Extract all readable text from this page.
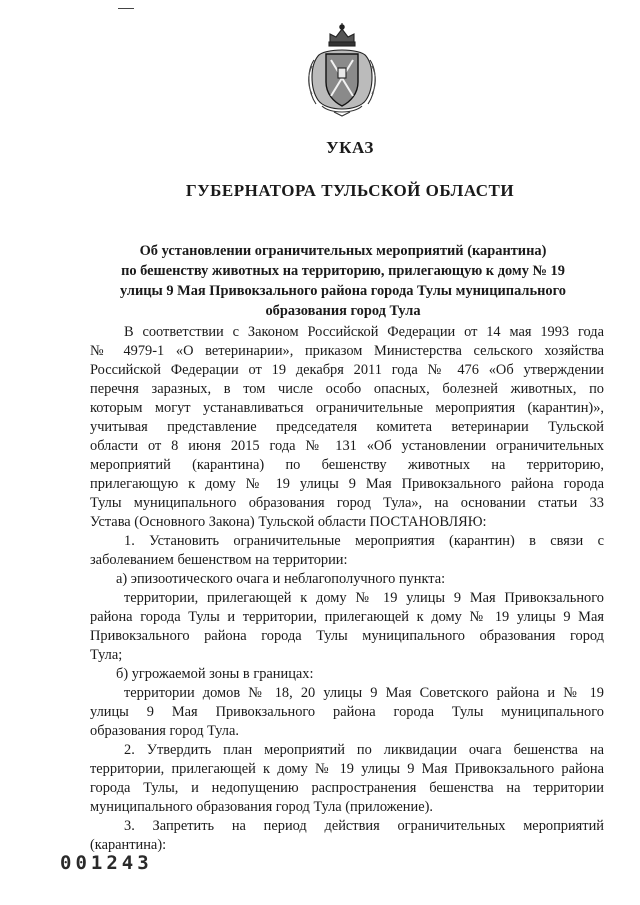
УКАЗ
ГУБЕРНАТОРА ТУЛЬСКОЙ ОБЛАСТИ
Об установлении ограничительных мероприятий (карантина)
по бешенству животных на территорию, прилегающую к дому № 19
улицы 9 Мая Привокзального района города Тулы муниципального
образования город Тула
В соответствии с Законом Российской Федерации от 14 мая 1993 года
№ 4979-1 «О ветеринарии», приказом Министерства сельского хозяйства
Российской Федерации от 19 декабря 2011 года № 476 «Об утверждении
перечня заразных, в том числе особо опасных, болезней животных, по
которым могут устанавливаться ограничительные мероприятия (карантин)»,
учитывая представление председателя комитета ветеринарии Тульской
области от 8 июня 2015 года № 131 «Об установлении ограничительных
мероприятий (карантина) по бешенству животных на территорию,
прилегающую к дому № 19 улицы 9 Мая Привокзального района города
Тулы муниципального образования город Тула», на основании статьи 33
Устава (Основного Закона) Тульской области ПОСТАНОВЛЯЮ:
1. Установить ограничительные мероприятия (карантин) в связи с
заболеванием бешенством на территории:
а) эпизоотического очага и неблагополучного пункта:
территории, прилегающей к дому № 19 улицы 9 Мая Привокзального
района города Тулы и территории, прилегающей к дому № 19 улицы 9 Мая
Привокзального района города Тулы муниципального образования город
Тула;
б) угрожаемой зоны в границах:
территории домов № 18, 20 улицы 9 Мая Советского района и № 19
улицы 9 Мая Привокзального района города Тулы муниципального
образования город Тула.
2. Утвердить план мероприятий по ликвидации очага бешенства на
территории, прилегающей к дому № 19 улицы 9 Мая Привокзального района
города Тулы, и недопущению распространения бешенства на территории
муниципального образования город Тула (приложение).
3. Запретить на период действия ограничительных мероприятий
(карантина):
001243
